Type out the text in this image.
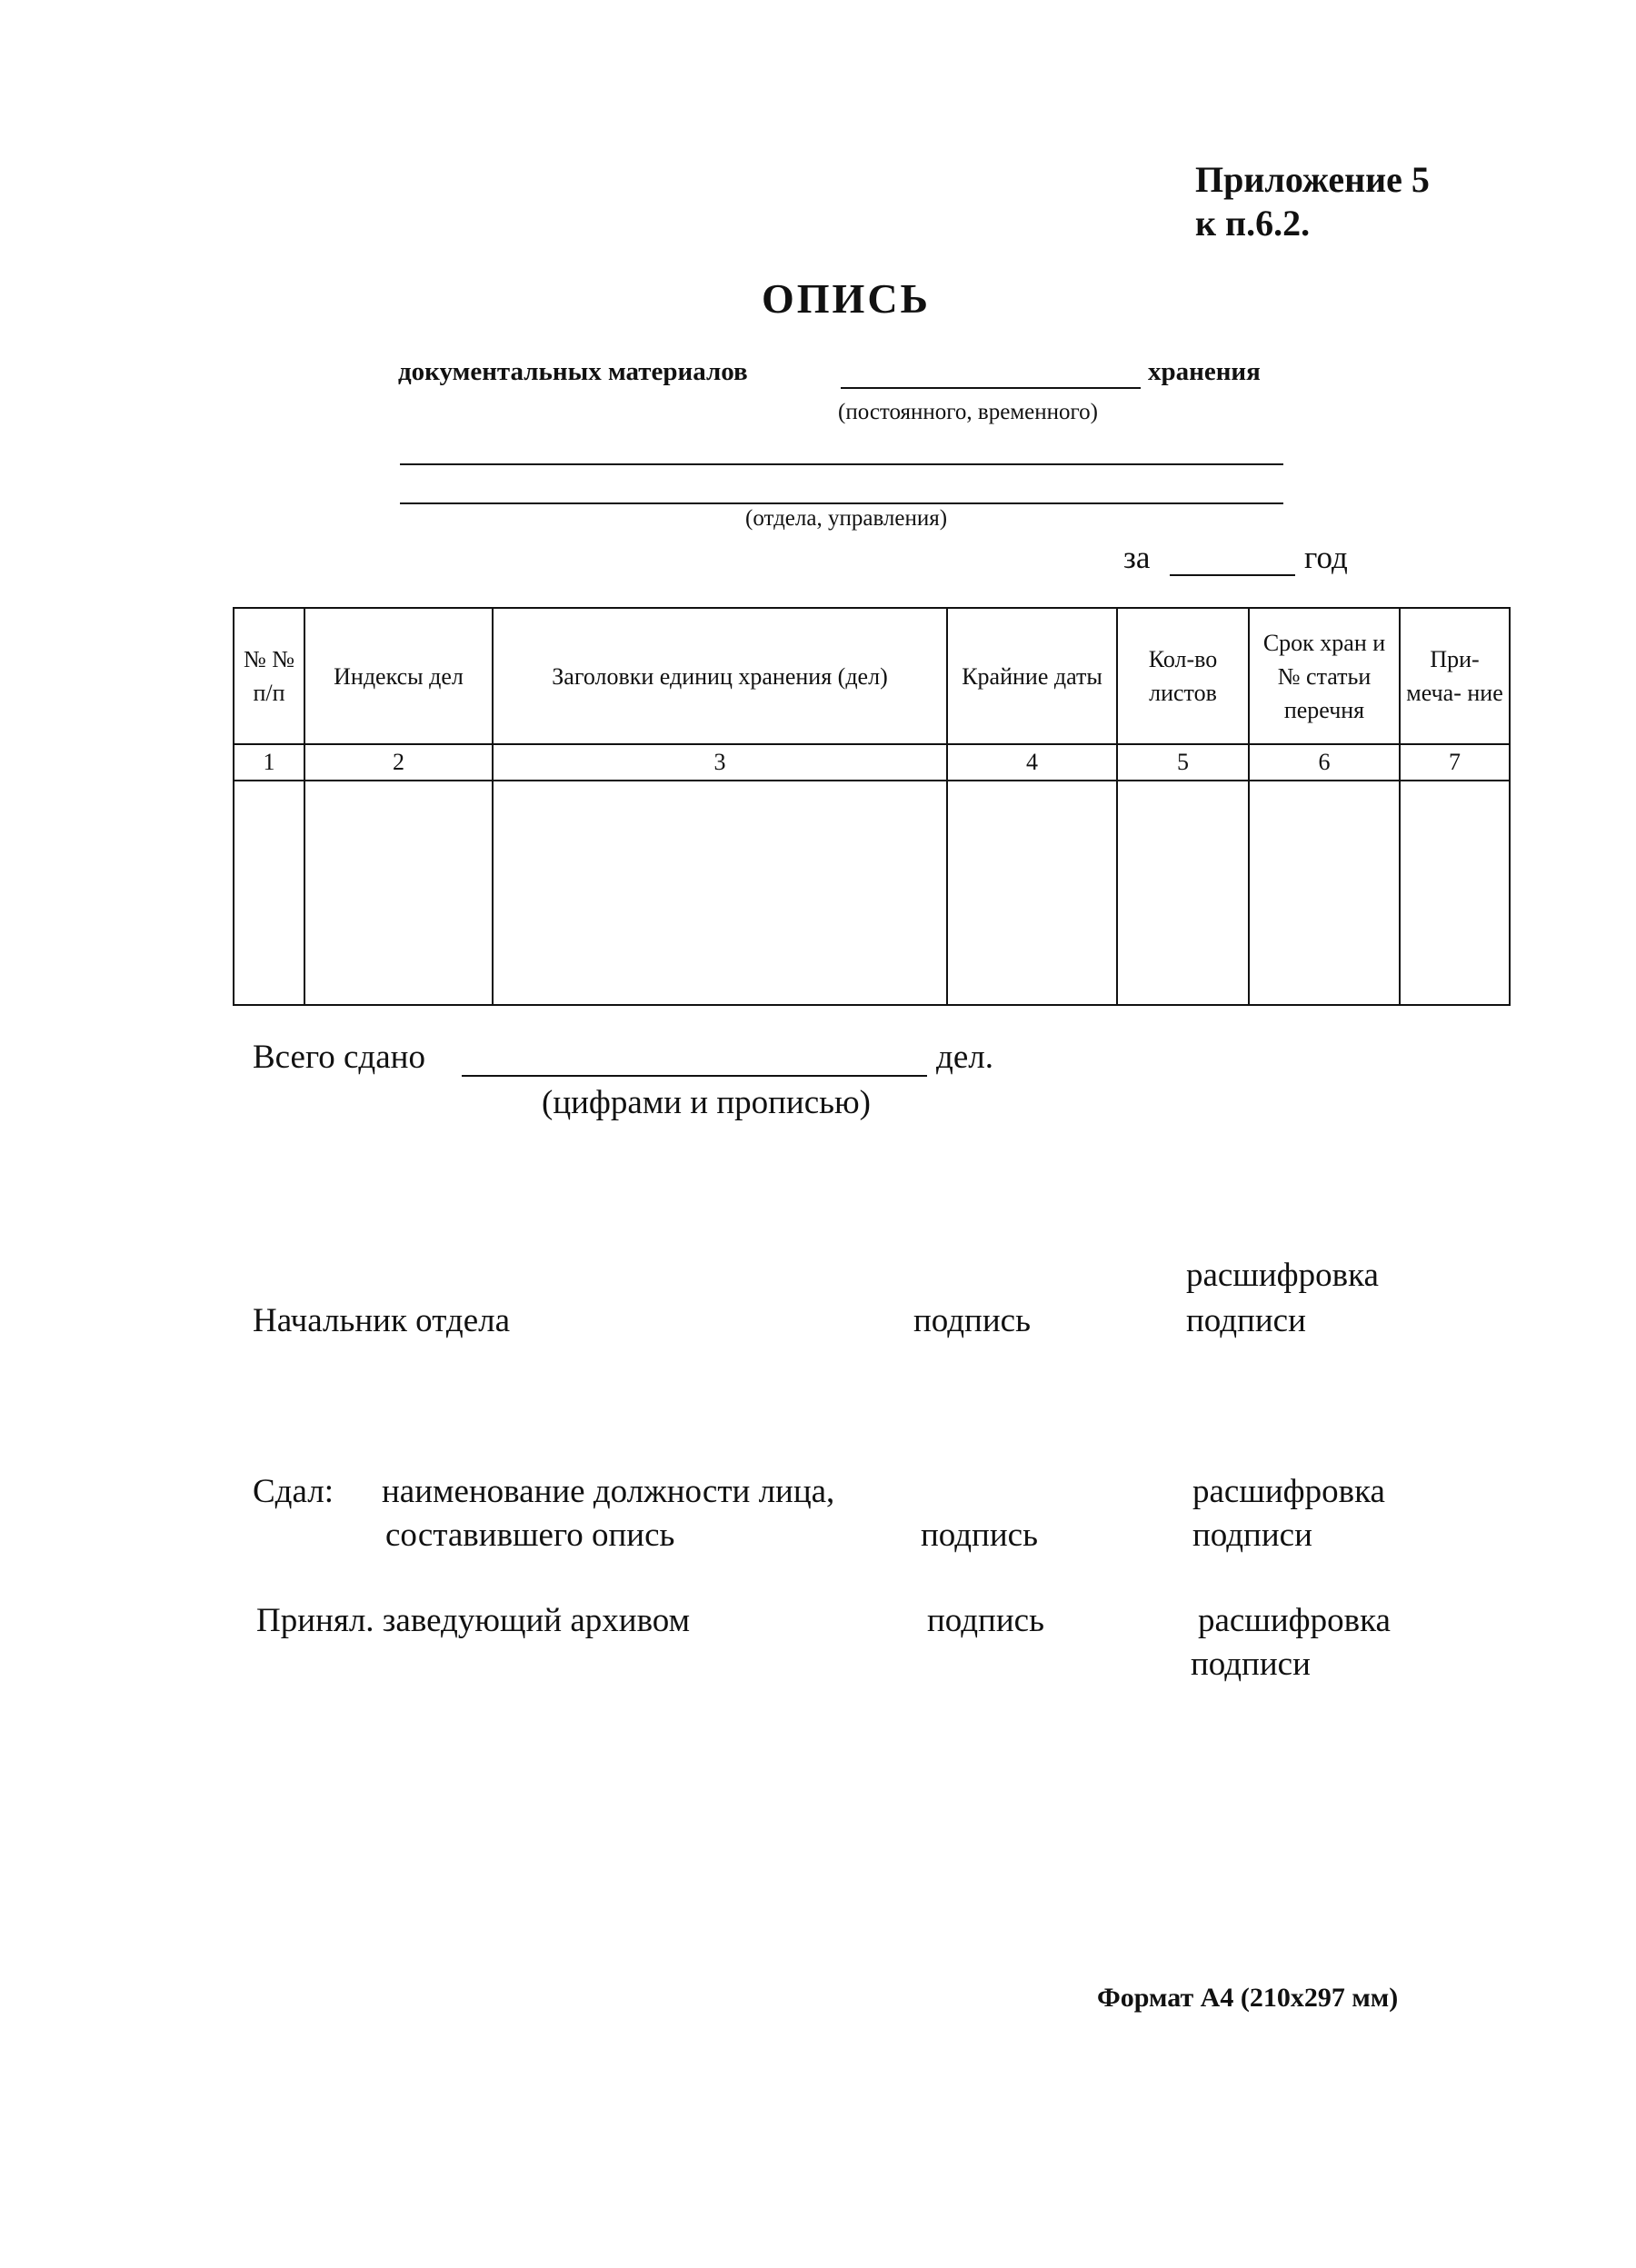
Приложение 5
к п.6.2.
ОПИСЬ
документальных материалов	хранения
(постоянного, временного)
(отдела, управления)
за	год
№ № п/п	Индексы дел	Заголовки единиц хранения (дел)	Крайние даты	Кол-во листов	Срок хран и № статьи перечня	При- меча- ние
1	2	3	4	5	6	7

Всего сдано	дел.
(цифрами и прописью)
расшифровка
Начальник отдела	подпись	подписи
Сдал: наименование должности лица,	расшифровка
составившего опись	подпись	подписи
Принял. заведующий архивом	подпись	расшифровка
подписи
Формат А4 (210x297 мм)
